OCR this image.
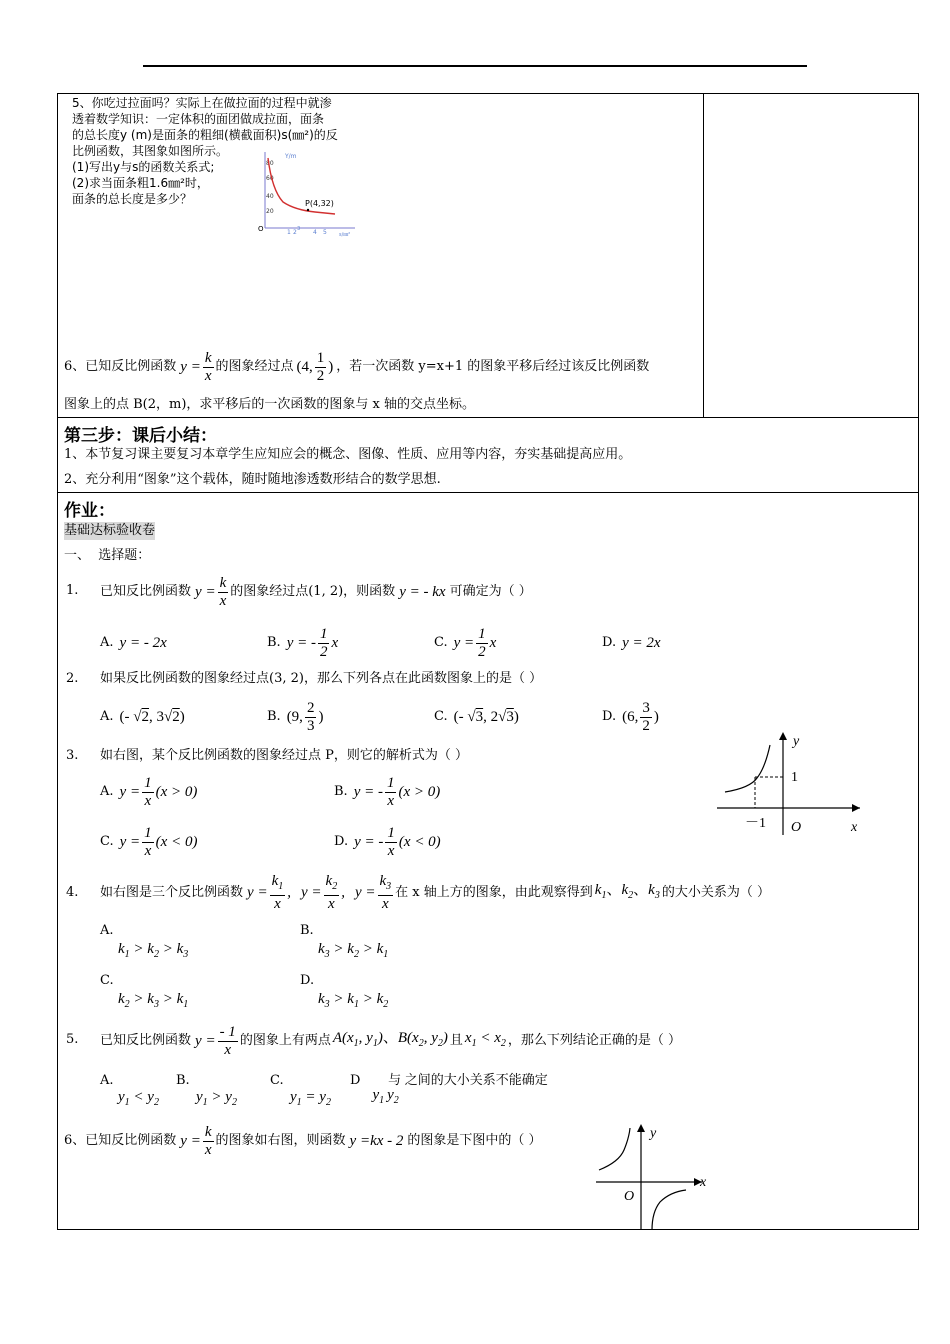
5、你吃过拉面吗？实际上在做拉面的过程中就渗
透着数学知识：一定体积的面团做成拉面，面条
的总长度y (m)是面条的粗细(横截面积)s(㎜²)的反
比例函数，其图象如图所示。
(1)写出y与s的函数关系式;
(2)求当面条粗1.6㎜²时，
面条的总长度是多少？
Y/m
80
60
40
20
P(4,32)
O	1 2 3 4 5 s/㎜²
6、已知反比例函数 $y = \frac{k}{x}$ 的图象经过点 (4, $\frac{1}{2}$ ) ，若一次函数 y=x+1 的图象平移后经过该反比例函数
图象上的点 B(2，m)，求平移后的一次函数的图象与 x 轴的交点坐标。
第三步：课后小结：
1、本节复习课主要复习本章学生应知应会的概念、图像、性质、应用等内容，夯实基础提高应用。
2、充分利用“图象”这个载体，随时随地渗透数形结合的数学思想.
作业：
基础达标验收卷
一、  选择题：
1. 已知反比例函数 $y = \frac{k}{x}$ 的图象经过点(1, 2)，则函数 y = - kx 可确定为（ ）
A. y = - 2x	B. y = - $\frac{1}{2}$ x	C. $y = \frac{1}{2}$ x	D. y = 2x
2. 如果反比例函数的图象经过点(3, 2)，那么下列各点在此函数图象上的是（ ）
A. (- √2, 3√2)	B. (9, $\frac{2}{3}$ )	C. (- √3, 2√3)	D. (6, $\frac{3}{2}$ )
3. 如右图，某个反比例函数的图象经过点 P，则它的解析式为（ ）
A. $y = \frac{1}{x} (x > 0)$	B. y = - $\frac{1}{x} (x > 0)$
C. $y = \frac{1}{x} (x < 0)$	D. y = - $\frac{1}{x} (x < 0)$
y
1
－1 O	x
4. 如右图是三个反比例函数 $y = \frac{k_1}{x}$ , $y = \frac{k_2}{x}$ , $y = \frac{k_3}{x}$ 在 x 轴上方的图象，由此观察得到 $k_1$、$k_2$、$k_3$ 的大小关系为（ ）
A.
$k_1 > k_2 > k_3$
B.
$k_3 > k_2 > k_1$
C.
$k_2 > k_3 > k_1$
D.
$k_3 > k_1 > k_2$
5. 已知反比例函数 $y = \frac{- 1}{x}$ 的图象上有两点 $A(x_1$, $y_1$)、$B(x_2$, $y_2$) 且 $x_1 < x_2$ ，那么下列结论正确的是（ ）
A.
$y_1 < y_2$
B.
$y_1 > y_2$
C.
$y_1 = y_2$
D
$y_1$
与
$y_2$
之间的大小关系不能确定
6、已知反比例函数 $y = \frac{k}{x}$ 的图象如右图，则函数 y =kx - 2 的图象是下图中的（ ）	y
x
O
